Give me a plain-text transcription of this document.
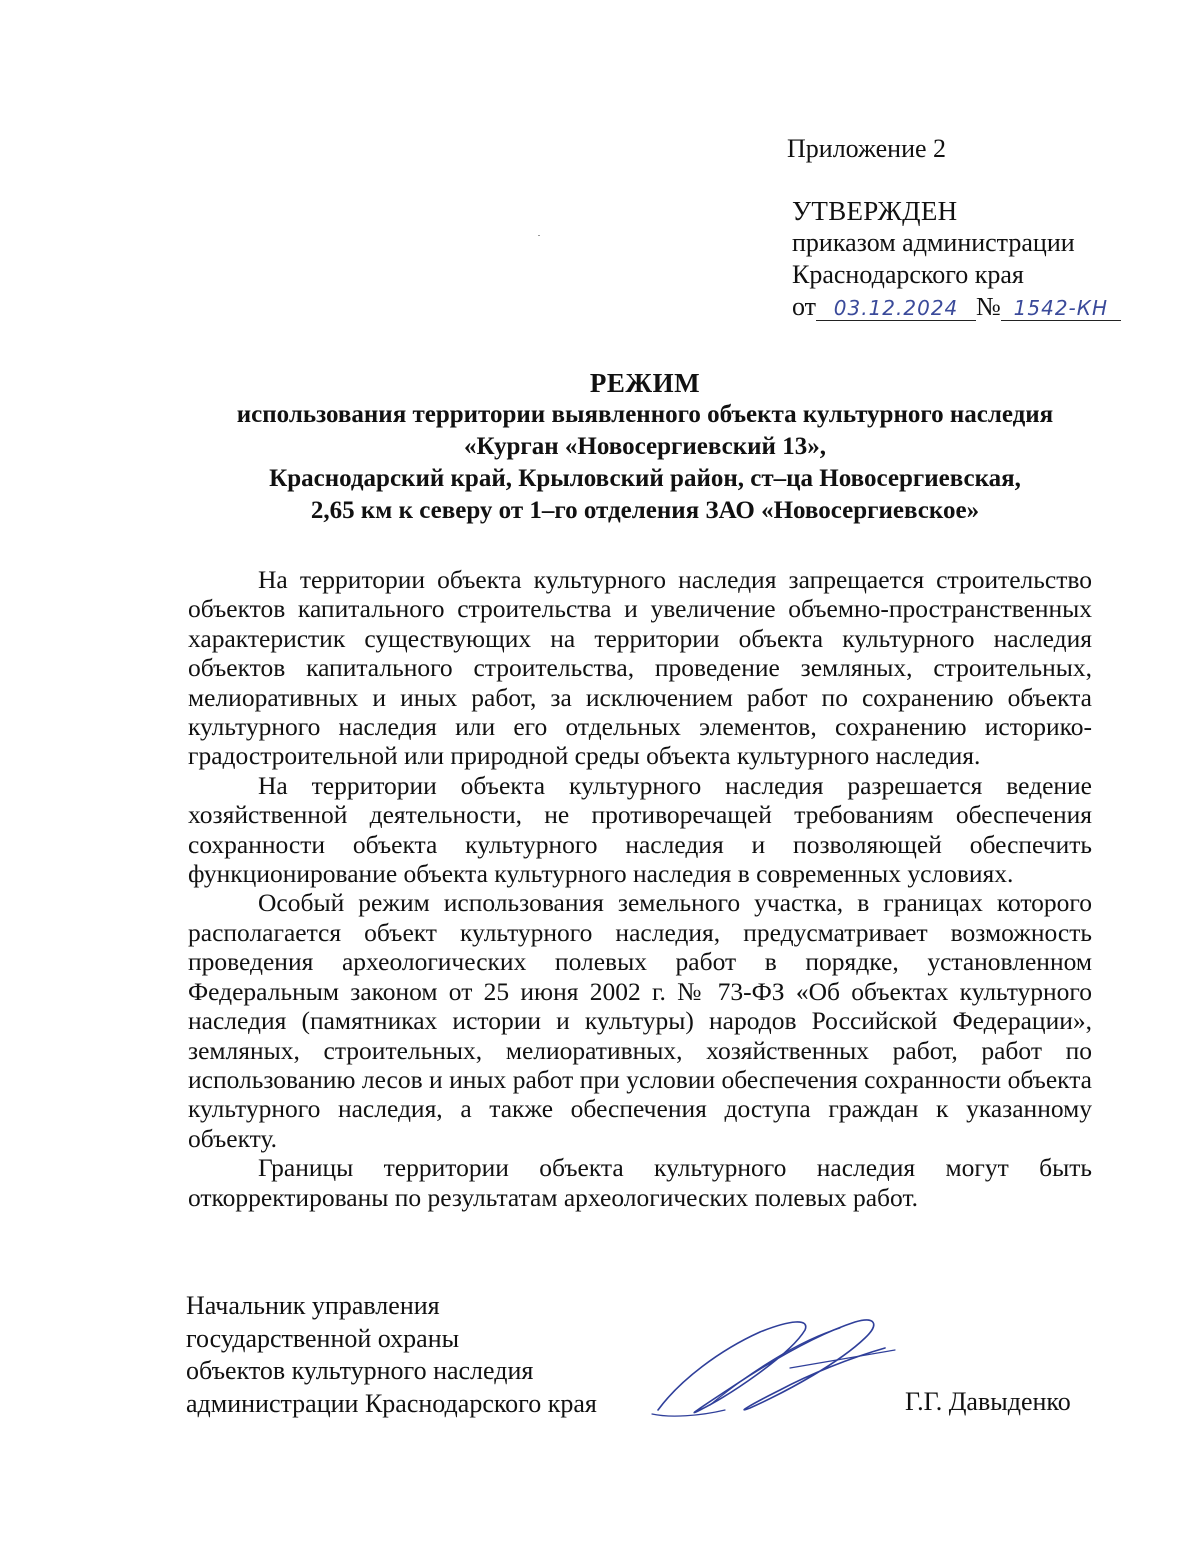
Приложение 2
УТВЕРЖДЕН
приказом администрации
Краснодарского края
от 03.12.2024 № 1542-КН
РЕЖИМ
использования территории выявленного объекта культурного наследия
«Курган «Новосергиевский 13»,
Краснодарский край, Крыловский район, ст–ца Новосергиевская,
2,65 км к северу от 1–го отделения ЗАО «Новосергиевское»

На территории объекта культурного наследия запрещается строительство объектов капитального строительства и увеличение объемно-пространственных характеристик существующих на территории объекта культурного наследия объектов капитального строительства, проведение земляных, строительных, мелиоративных и иных работ, за исключением работ по сохранению объекта культурного наследия или его отдельных элементов, сохранению историко-градостроительной или природной среды объекта культурного наследия.

На территории объекта культурного наследия разрешается ведение хозяйственной деятельности, не противоречащей требованиям обеспечения сохранности объекта культурного наследия и позволяющей обеспечить функционирование объекта культурного наследия в современных условиях.

Особый режим использования земельного участка, в границах которого располагается объект культурного наследия, предусматривает возможность проведения археологических полевых работ в порядке, установленном Федеральным законом от 25 июня 2002 г. № 73-ФЗ «Об объектах культурного наследия (памятниках истории и культуры) народов Российской Федерации», земляных, строительных, мелиоративных, хозяйственных работ, работ по использованию лесов и иных работ при условии обеспечения сохранности объекта культурного наследия, а также обеспечения доступа граждан к указанному объекту.

Границы территории объекта культурного наследия могут быть откорректированы по результатам археологических полевых работ.

Начальник управления
государственной охраны
объектов культурного наследия
администрации Краснодарского края	Г.Г. Давыденко
